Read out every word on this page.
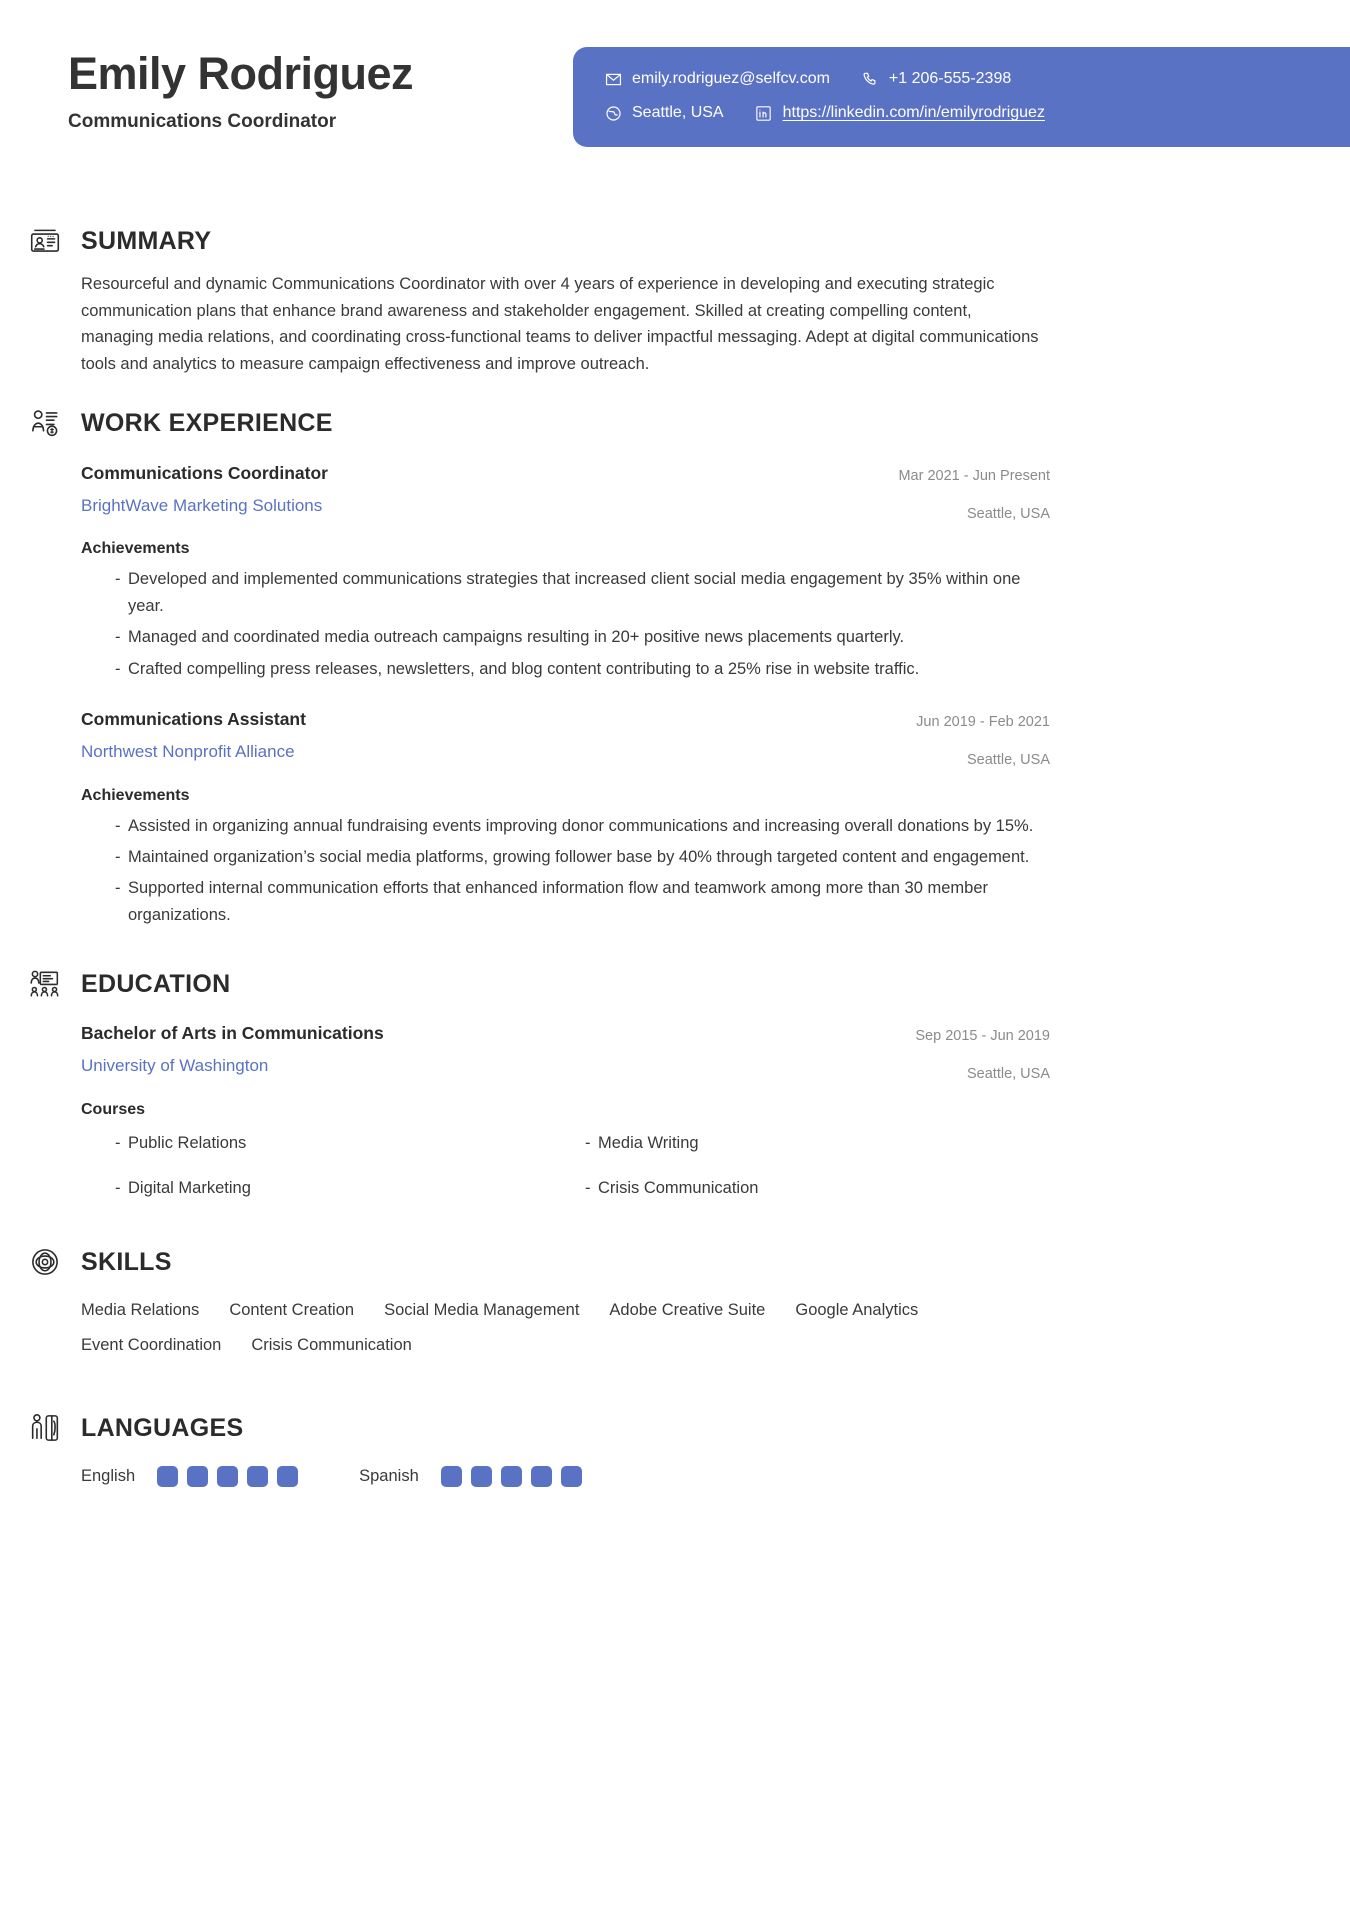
Emily Rodriguez
Communications Coordinator
emily.rodriguez@selfcv.com	+1 206-555-2398
Seattle, USA	https://linkedin.com/in/emilyrodriguez
SUMMARY

Resourceful and dynamic Communications Coordinator with over 4 years of experience in developing and executing strategic communication plans that enhance brand awareness and stakeholder engagement. Skilled at creating compelling content, managing media relations, and coordinating cross-functional teams to deliver impactful messaging. Adept at digital communications tools and analytics to measure campaign effectiveness and improve outreach.

WORK EXPERIENCE
Communications Coordinator
BrightWave Marketing Solutions
Mar 2021 - Jun Present
Seattle, USA
Achievements
- Developed and implemented communications strategies that increased client social media engagement by 35% within one year.
- Managed and coordinated media outreach campaigns resulting in 20+ positive news placements quarterly.
- Crafted compelling press releases, newsletters, and blog content contributing to a 25% rise in website traffic.
Communications Assistant
Northwest Nonprofit Alliance
Jun 2019 - Feb 2021
Seattle, USA
Achievements
- Assisted in organizing annual fundraising events improving donor communications and increasing overall donations by 15%.
- Maintained organization’s social media platforms, growing follower base by 40% through targeted content and engagement.
- Supported internal communication efforts that enhanced information flow and teamwork among more than 30 member organizations.
EDUCATION
Bachelor of Arts in Communications
University of Washington
Sep 2015 - Jun 2019
Seattle, USA
Courses
- Public Relations	- Media Writing
- Digital Marketing	- Crisis Communication
SKILLS
Media Relations Content Creation Social Media Management Adobe Creative Suite Google Analytics
Event Coordination Crisis Communication
LANGUAGES
English	Spanish
